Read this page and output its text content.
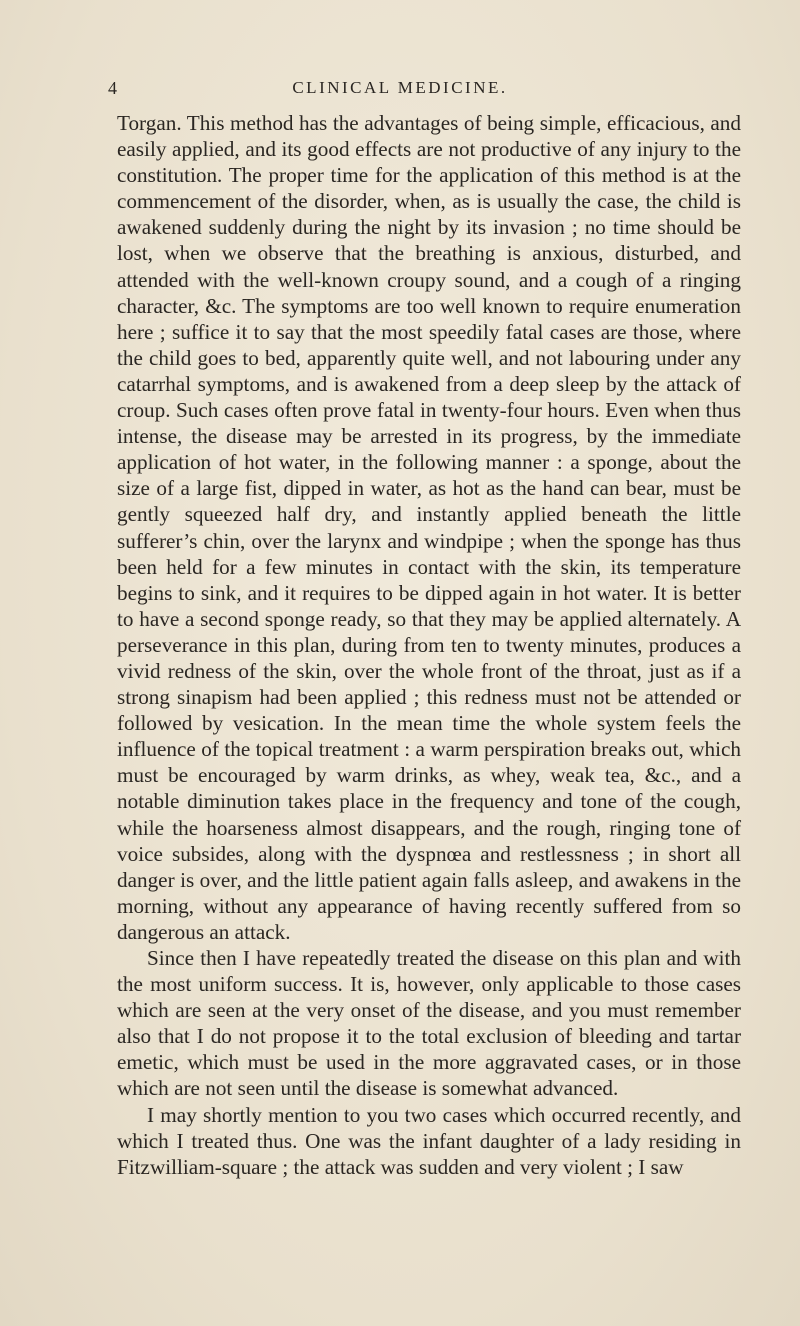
4	CLINICAL MEDICINE.

Torgan. This method has the advantages of being simple, efficacious, and easily applied, and its good effects are not productive of any injury to the constitution. The proper time for the application of this method is at the commencement of the disorder, when, as is usually the case, the child is awakened suddenly during the night by its invasion ; no time should be lost, when we observe that the breathing is anxious, disturbed, and attended with the well-known croupy sound, and a cough of a ringing character, &c. The symptoms are too well known to require enumeration here ; suffice it to say that the most speedily fatal cases are those, where the child goes to bed, apparently quite well, and not labouring under any catarrhal symptoms, and is awakened from a deep sleep by the attack of croup. Such cases often prove fatal in twenty-four hours. Even when thus intense, the disease may be arrested in its progress, by the immediate application of hot water, in the following manner : a sponge, about the size of a large fist, dipped in water, as hot as the hand can bear, must be gently squeezed half dry, and instantly applied beneath the little sufferer’s chin, over the larynx and windpipe ; when the sponge has thus been held for a few minutes in contact with the skin, its temperature begins to sink, and it requires to be dipped again in hot water. It is better to have a second sponge ready, so that they may be applied alternately. A perseverance in this plan, during from ten to twenty minutes, produces a vivid redness of the skin, over the whole front of the throat, just as if a strong sinapism had been applied ; this redness must not be attended or followed by vesication. In the mean time the whole system feels the influence of the topical treatment : a warm perspiration breaks out, which must be encouraged by warm drinks, as whey, weak tea, &c., and a notable diminution takes place in the frequency and tone of the cough, while the hoarseness almost disappears, and the rough, ringing tone of voice subsides, along with the dyspnœa and restlessness ; in short all danger is over, and the little patient again falls asleep, and awakens in the morning, without any appearance of having recently suffered from so dangerous an attack.

Since then I have repeatedly treated the disease on this plan and with the most uniform success. It is, however, only applicable to those cases which are seen at the very onset of the disease, and you must remember also that I do not propose it to the total exclusion of bleeding and tartar emetic, which must be used in the more aggravated cases, or in those which are not seen until the disease is somewhat advanced.

I may shortly mention to you two cases which occurred recently, and which I treated thus. One was the infant daughter of a lady residing in Fitzwilliam-square ; the attack was sudden and very violent ; I saw
